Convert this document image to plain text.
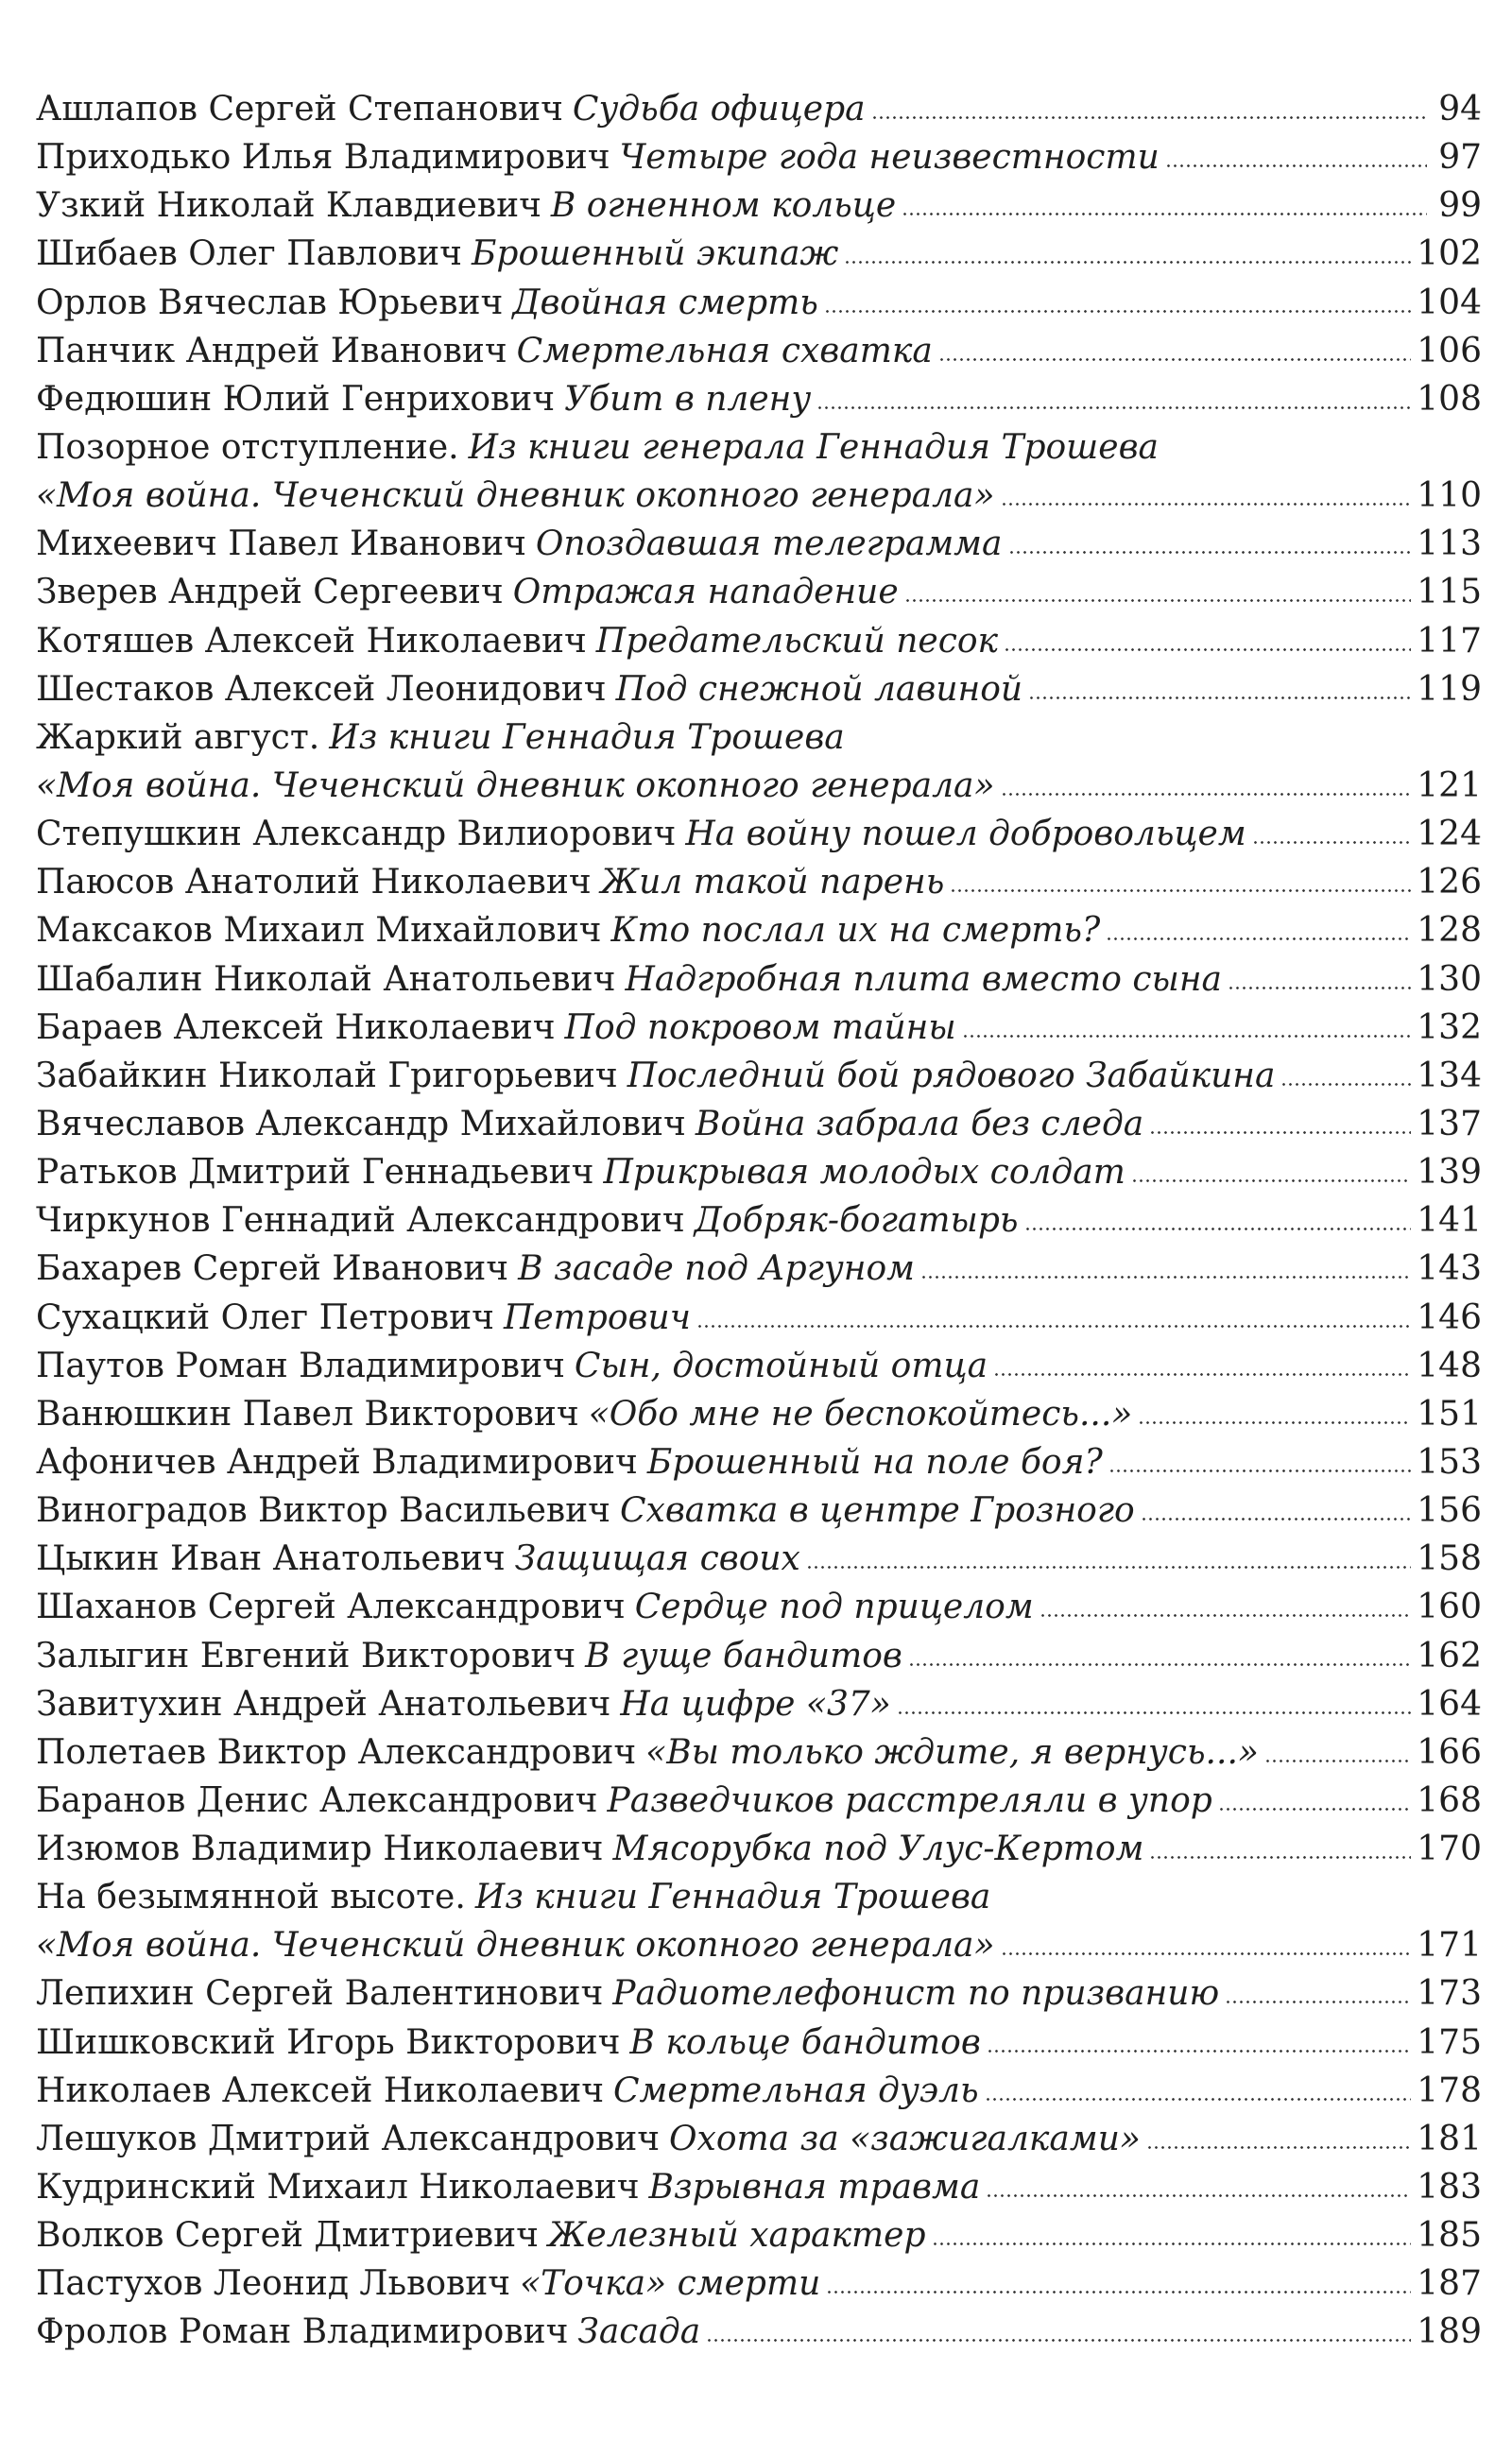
Ашлапов Сергей Степанович Судьба офицера	94
Приходько Илья Владимирович Четыре года неизвестности	97
Узкий Николай Клавдиевич В огненном кольце	99
Шибаев Олег Павлович Брошенный экипаж	102
Орлов Вячеслав Юрьевич Двойная смерть	104
Панчик Андрей Иванович Смертельная схватка	106
Федюшин Юлий Генрихович Убит в плену	108
Позорное отступление. Из книги генерала Геннадия Трошева
«Моя война. Чеченский дневник окопного генерала»	110
Михеевич Павел Иванович Опоздавшая телеграмма	113
Зверев Андрей Сергеевич Отражая нападение	115
Котяшев Алексей Николаевич Предательский песок	117
Шестаков Алексей Леонидович Под снежной лавиной	119
Жаркий август. Из книги Геннадия Трошева
«Моя война. Чеченский дневник окопного генерала»	121
Степушкин Александр Вилиорович На войну пошел добровольцем	124
Паюсов Анатолий Николаевич Жил такой парень	126
Максаков Михаил Михайлович Кто послал их на смерть?	128
Шабалин Николай Анатольевич Надгробная плита вместо сына	130
Бараев Алексей Николаевич Под покровом тайны	132
Забайкин Николай Григорьевич Последний бой рядового Забайкина	134
Вячеславов Александр Михайлович Война забрала без следа	137
Ратьков Дмитрий Геннадьевич Прикрывая молодых солдат	139
Чиркунов Геннадий Александрович Добряк-богатырь	141
Бахарев Сергей Иванович В засаде под Аргуном	143
Сухацкий Олег Петрович Петрович	146
Паутов Роман Владимирович Сын, достойный отца	148
Ванюшкин Павел Викторович «Обо мне не беспокойтесь...»	151
Афоничев Андрей Владимирович Брошенный на поле боя?	153
Виноградов Виктор Васильевич Схватка в центре Грозного	156
Цыкин Иван Анатольевич Защищая своих	158
Шаханов Сергей Александрович Сердце под прицелом	160
Залыгин Евгений Викторович В гуще бандитов	162
Завитухин Андрей Анатольевич На цифре «37»	164
Полетаев Виктор Александрович «Вы только ждите, я вернусь...»	166
Баранов Денис Александрович Разведчиков расстреляли в упор	168
Изюмов Владимир Николаевич Мясорубка под Улус-Кертом	170
На безымянной высоте. Из книги Геннадия Трошева
«Моя война. Чеченский дневник окопного генерала»	171
Лепихин Сергей Валентинович Радиотелефонист по призванию	173
Шишковский Игорь Викторович В кольце бандитов	175
Николаев Алексей Николаевич Смертельная дуэль	178
Лешуков Дмитрий Александрович Охота за «зажигалками»	181
Кудринский Михаил Николаевич Взрывная травма	183
Волков Сергей Дмитриевич Железный характер	185
Пастухов Леонид Львович «Точка» смерти	187
Фролов Роман Владимирович Засада	189
